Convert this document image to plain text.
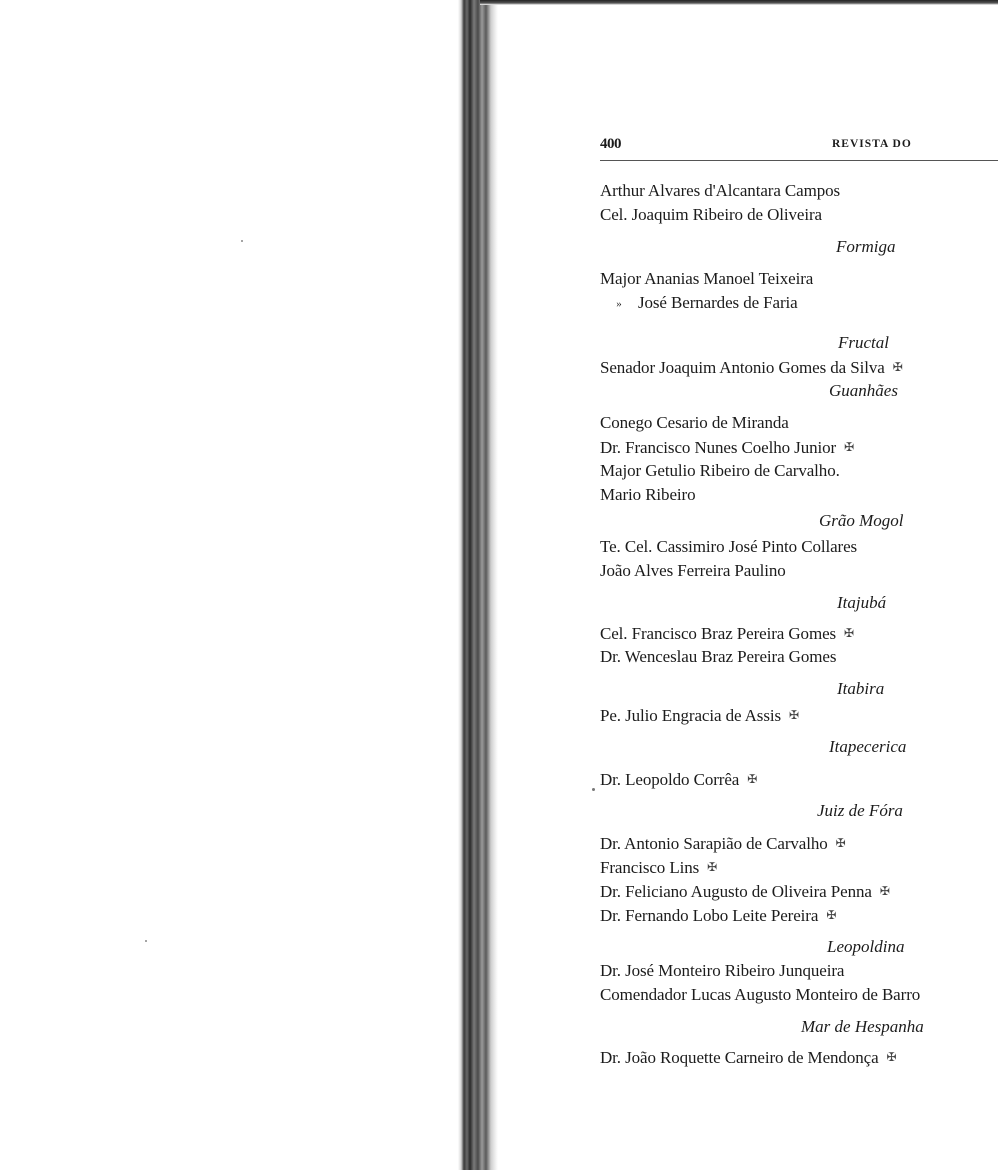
400	REVISTA DO
Arthur Alvares d'Alcantara Campos
Cel. Joaquim Ribeiro de Oliveira
Formiga
Major Ananias Manoel Teixeira
» José Bernardes de Faria
Fructal
Senador Joaquim Antonio Gomes da Silva ✠
Guanhães
Conego Cesario de Miranda
Dr. Francisco Nunes Coelho Junior ✠
Major Getulio Ribeiro de Carvalho.
Mario Ribeiro
Grão Mogol
Te. Cel. Cassimiro José Pinto Collares
João Alves Ferreira Paulino
Itajubá
Cel. Francisco Braz Pereira Gomes ✠
Dr. Wenceslau Braz Pereira Gomes
Itabira
Pe. Julio Engracia de Assis ✠
Itapecerica
Dr. Leopoldo Corrêa ✠
Juiz de Fóra
Dr. Antonio Sarapião de Carvalho ✠
Francisco Lins ✠
Dr. Feliciano Augusto de Oliveira Penna ✠
Dr. Fernando Lobo Leite Pereira ✠
Leopoldina
Dr. José Monteiro Ribeiro Junqueira
Comendador Lucas Augusto Monteiro de Barro
Mar de Hespanha
Dr. João Roquette Carneiro de Mendonça ✠
